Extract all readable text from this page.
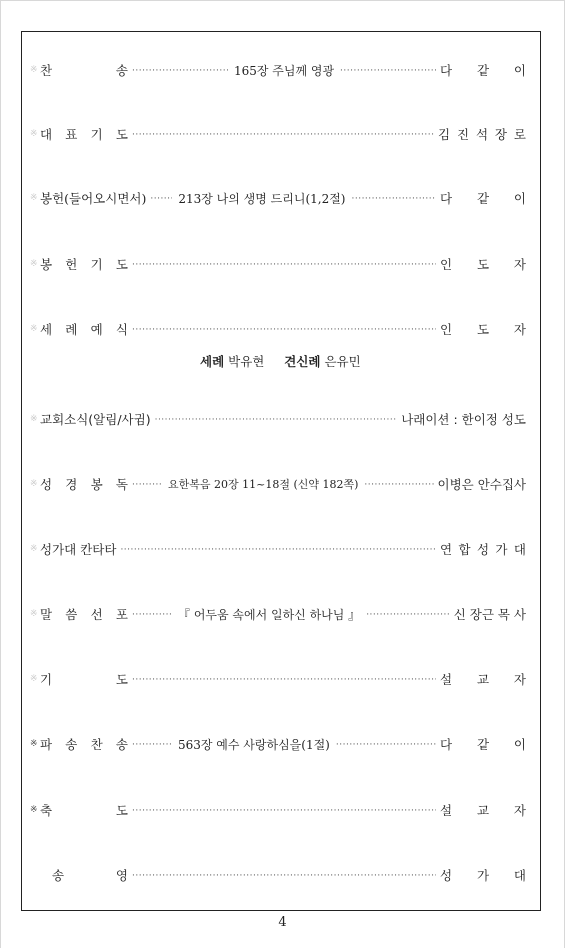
※ 찬	송 ·····	165장 주님께 영광 ·····	다 같 이
※ 대 표 기 도 ·····	김 진 석 장 로
※ 봉헌(들어오시면서) ·····	213장 나의 생명 드리니(1,2절) ·····	다 같 이
※ 봉 헌 기 도 ·····	인 도 자
※ 세 례 예 식 ·····	인 도 자
세례 박유현 견신례 은유민
※ 교회소식(알림/사귐) ·····	나래이션 : 한이정 성도
※ 성 경 봉 독 ·····	요한복음 20장 11~18절 (신약 182쪽) ·····	이병은 안수집사
※ 성가대 칸타타 ·····	연 합 성 가 대
※ 말 씀 선 포 ·····	『 어두움 속에서 일하신 하나님 』 ·····	신 장근 목 사
※ 기	도 ·····	설 교 자
※ 파 송 찬 송 ·····	563장 예수 사랑하심을(1절) ·····	다 같 이
※ 축	도 ·····	설 교 자
송	영 ·····	성 가 대
4
